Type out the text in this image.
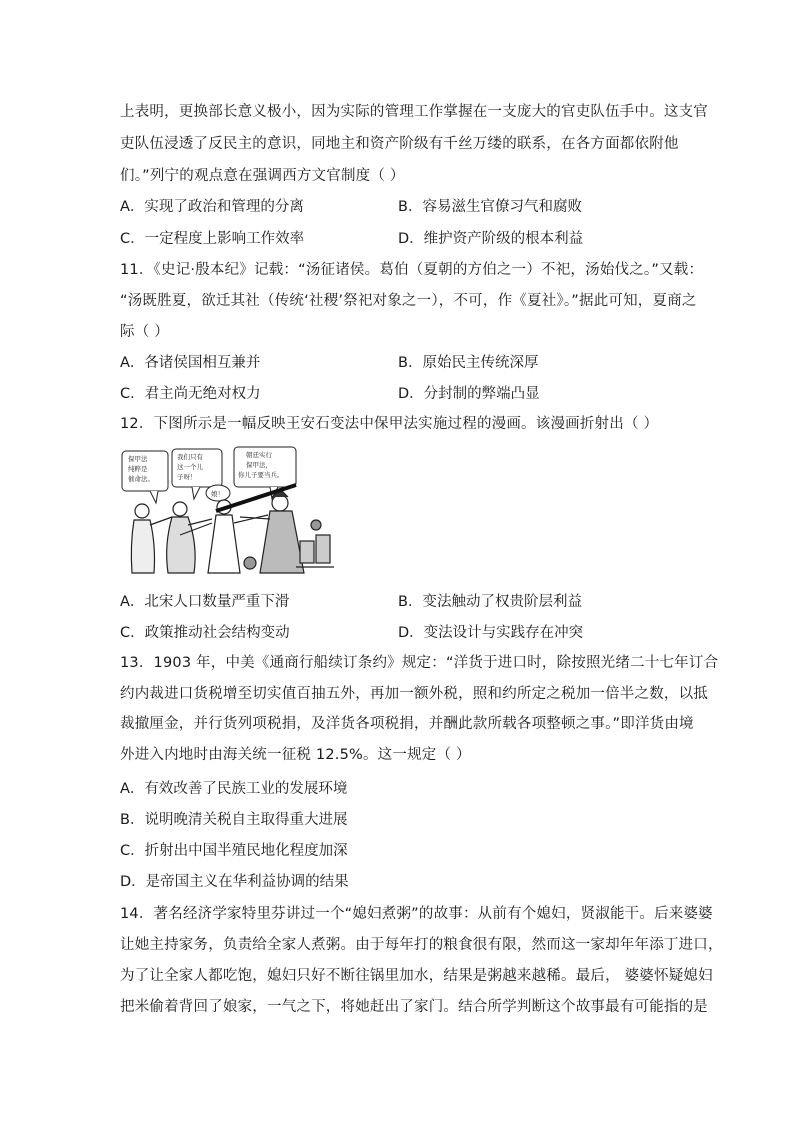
上表明，更换部长意义极小，因为实际的管理工作掌握在一支庞大的官吏队伍手中。这支官
吏队伍浸透了反民主的意识，同地主和资产阶级有千丝万缕的联系，在各方面都依附他
们。”列宁的观点意在强调西方文官制度（ ）
A．实现了政治和管理的分离	B．容易滋生官僚习气和腐败
C．一定程度上影响工作效率	D．维护资产阶级的根本利益
11．《史记·殷本纪》记载：“汤征诸侯。葛伯（夏朝的方伯之一）不祀，汤始伐之。”又载：
“汤既胜夏，欲迁其社（传统‘社稷’祭祀对象之一），不可，作《夏社》。”据此可知，夏商之
际（ ）
A．各诸侯国相互兼并	B．原始民主传统深厚
C．君主尚无绝对权力	D．分封制的弊端凸显
12．下图所示是一幅反映王安石变法中保甲法实施过程的漫画。该漫画折射出（ ）
保甲法 纯粹是 催命法。
我们只有 这一个儿 子呀！
娘！
朝廷实行 保甲法， 你儿子要当兵。
A．北宋人口数量严重下滑	B．变法触动了权贵阶层利益
C．政策推动社会结构变动	D．变法设计与实践存在冲突
13．1903 年，中美《通商行船续订条约》规定：“洋货于进口时，除按照光绪二十七年订合
约内裁进口货税增至切实值百抽五外，再加一额外税，照和约所定之税加一倍半之数，以抵
裁撤厘金，并行货列项税捐，及洋货各项税捐，并酬此款所载各项整顿之事。”即洋货由境
外进入内地时由海关统一征税 12.5%。这一规定（ ）
A．有效改善了民族工业的发展环境
B．说明晚清关税自主取得重大进展
C．折射出中国半殖民地化程度加深
D．是帝国主义在华利益协调的结果
14．著名经济学家特里芬讲过一个“媳妇煮粥”的故事：从前有个媳妇，贤淑能干。后来婆婆
让她主持家务，负责给全家人煮粥。由于每年打的粮食很有限，然而这一家却年年添丁进口，
为了让全家人都吃饱，媳妇只好不断往锅里加水，结果是粥越来越稀。最后， 婆婆怀疑媳妇
把米偷着背回了娘家，一气之下，将她赶出了家门。结合所学判断这个故事最有可能指的是
